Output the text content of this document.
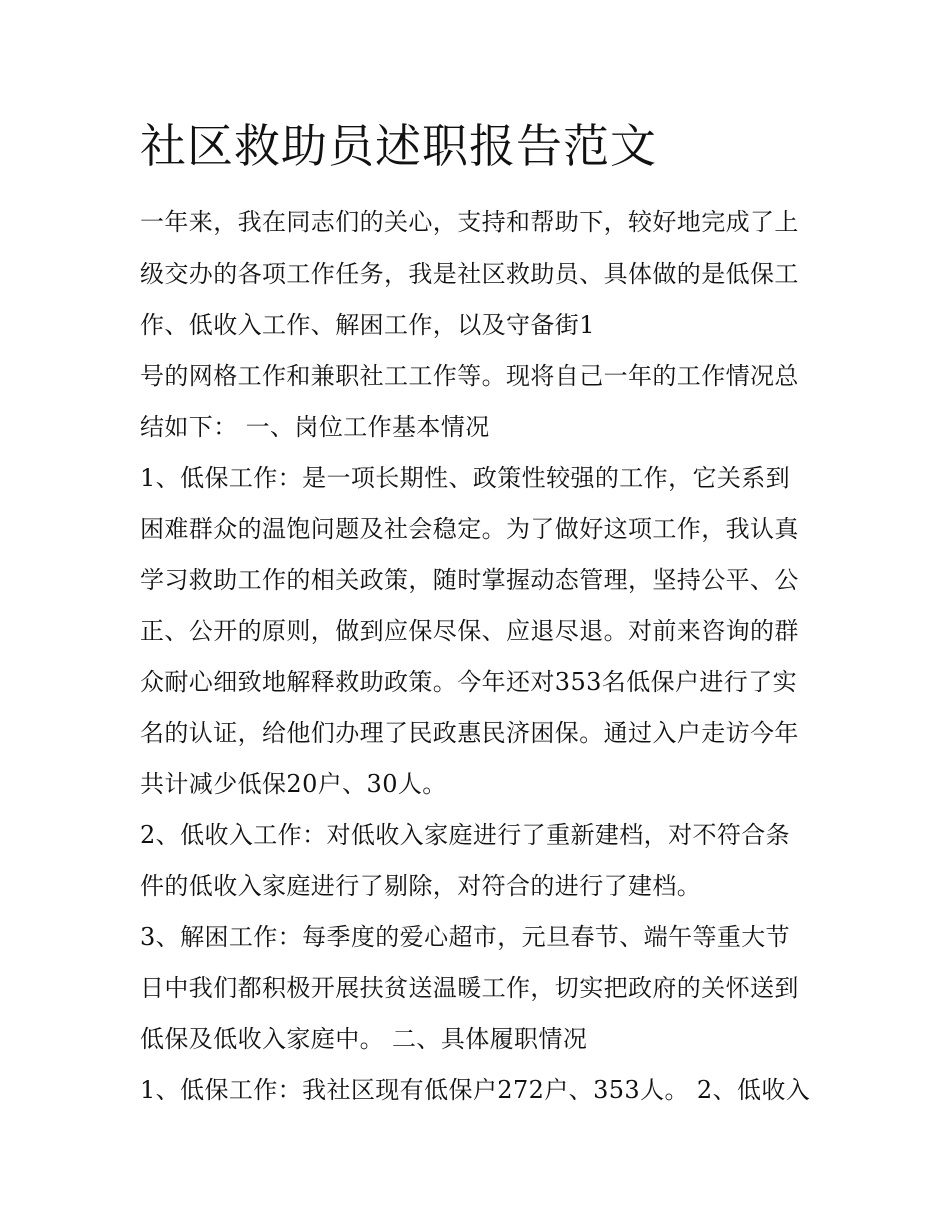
社区救助员述职报告范文

一年来，我在同志们的关心，支持和帮助下，较好地完成了上

级交办的各项工作任务，我是社区救助员、具体做的是低保工

作、低收入工作、解困工作，以及守备街1

号的网格工作和兼职社工工作等。现将自己一年的工作情况总

结如下： 一、岗位工作基本情况

1、低保工作：是一项长期性、政策性较强的工作，它关系到

困难群众的温饱问题及社会稳定。为了做好这项工作，我认真

学习救助工作的相关政策，随时掌握动态管理，坚持公平、公

正、公开的原则，做到应保尽保、应退尽退。对前来咨询的群

众耐心细致地解释救助政策。今年还对353名低保户进行了实

名的认证，给他们办理了民政惠民济困保。通过入户走访今年

共计减少低保20户、30人。

2、低收入工作：对低收入家庭进行了重新建档，对不符合条

件的低收入家庭进行了剔除，对符合的进行了建档。

3、解困工作：每季度的爱心超市，元旦春节、端午等重大节

日中我们都积极开展扶贫送温暖工作，切实把政府的关怀送到

低保及低收入家庭中。 二、具体履职情况

1、低保工作：我社区现有低保户272户、353人。 2、低收入
